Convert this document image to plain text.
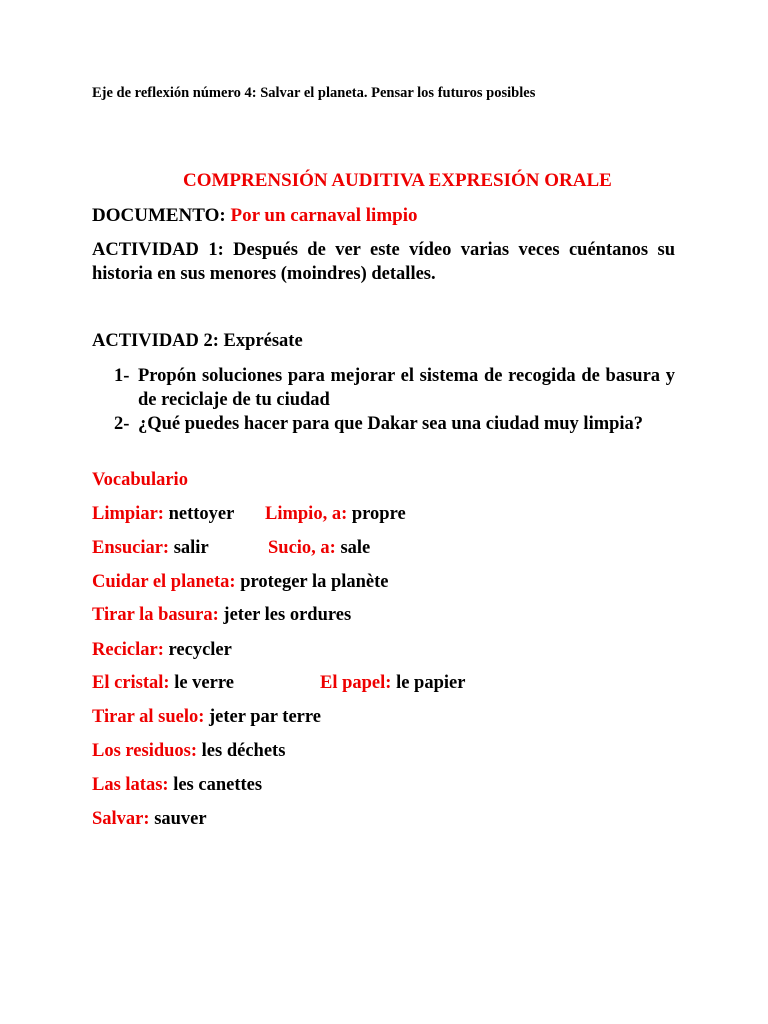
Eje de reflexión número 4: Salvar el planeta. Pensar los futuros posibles
COMPRENSIÓN AUDITIVA EXPRESIÓN ORALE
DOCUMENTO: Por un carnaval limpio
ACTIVIDAD 1: Después de ver este vídeo varias veces cuéntanos su historia en sus menores (moindres) detalles.
ACTIVIDAD 2: Exprésate
1- Propón soluciones para mejorar el sistema de recogida de basura y de reciclaje de tu ciudad
2- ¿Qué puedes hacer para que Dakar sea una ciudad muy limpia?
Vocabulario
Limpiar: nettoyer Limpio, a: propre
Ensuciar: salir	Sucio, a: sale
Cuidar el planeta: proteger la planète
Tirar la basura: jeter les ordures
Reciclar: recycler
El cristal: le verre	El papel: le papier
Tirar al suelo: jeter par terre
Los residuos: les déchets
Las latas: les canettes
Salvar: sauver
